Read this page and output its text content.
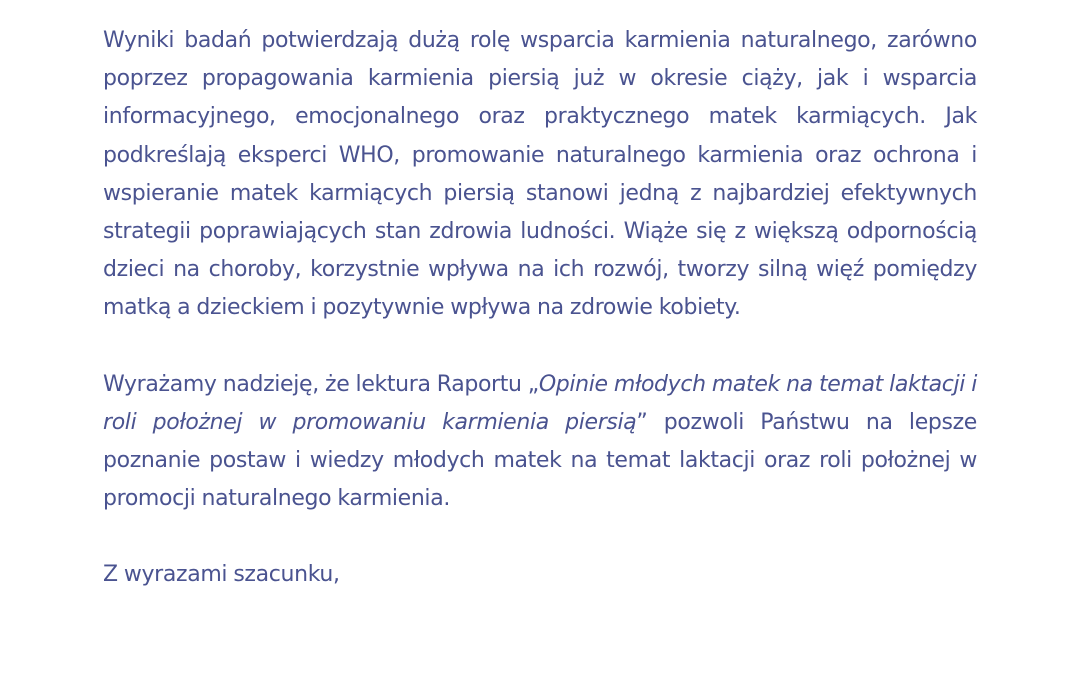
Wyniki badań potwierdzają dużą rolę wsparcia karmienia naturalnego, zarówno poprzez propagowania karmienia piersią już w okresie ciąży, jak i wsparcia informacyjnego, emocjonalnego oraz praktycznego matek karmiących. Jak podkreślają eksperci WHO, promowanie naturalnego karmienia oraz ochrona i wspieranie matek karmiących piersią stanowi jedną z najbardziej efektywnych strategii poprawiających stan zdrowia ludności. Wiąże się z większą odpornością dzieci na choroby, korzystnie wpływa na ich rozwój, tworzy silną więź pomiędzy matką a dzieckiem i pozytywnie wpływa na zdrowie kobiety.

Wyrażamy nadzieję, że lektura Raportu „Opinie młodych matek na temat laktacji i roli położnej w promowaniu karmienia piersią” pozwoli Państwu na lepsze poznanie postaw i wiedzy młodych matek na temat laktacji oraz roli położnej w promocji naturalnego karmienia.

Z wyrazami szacunku,
